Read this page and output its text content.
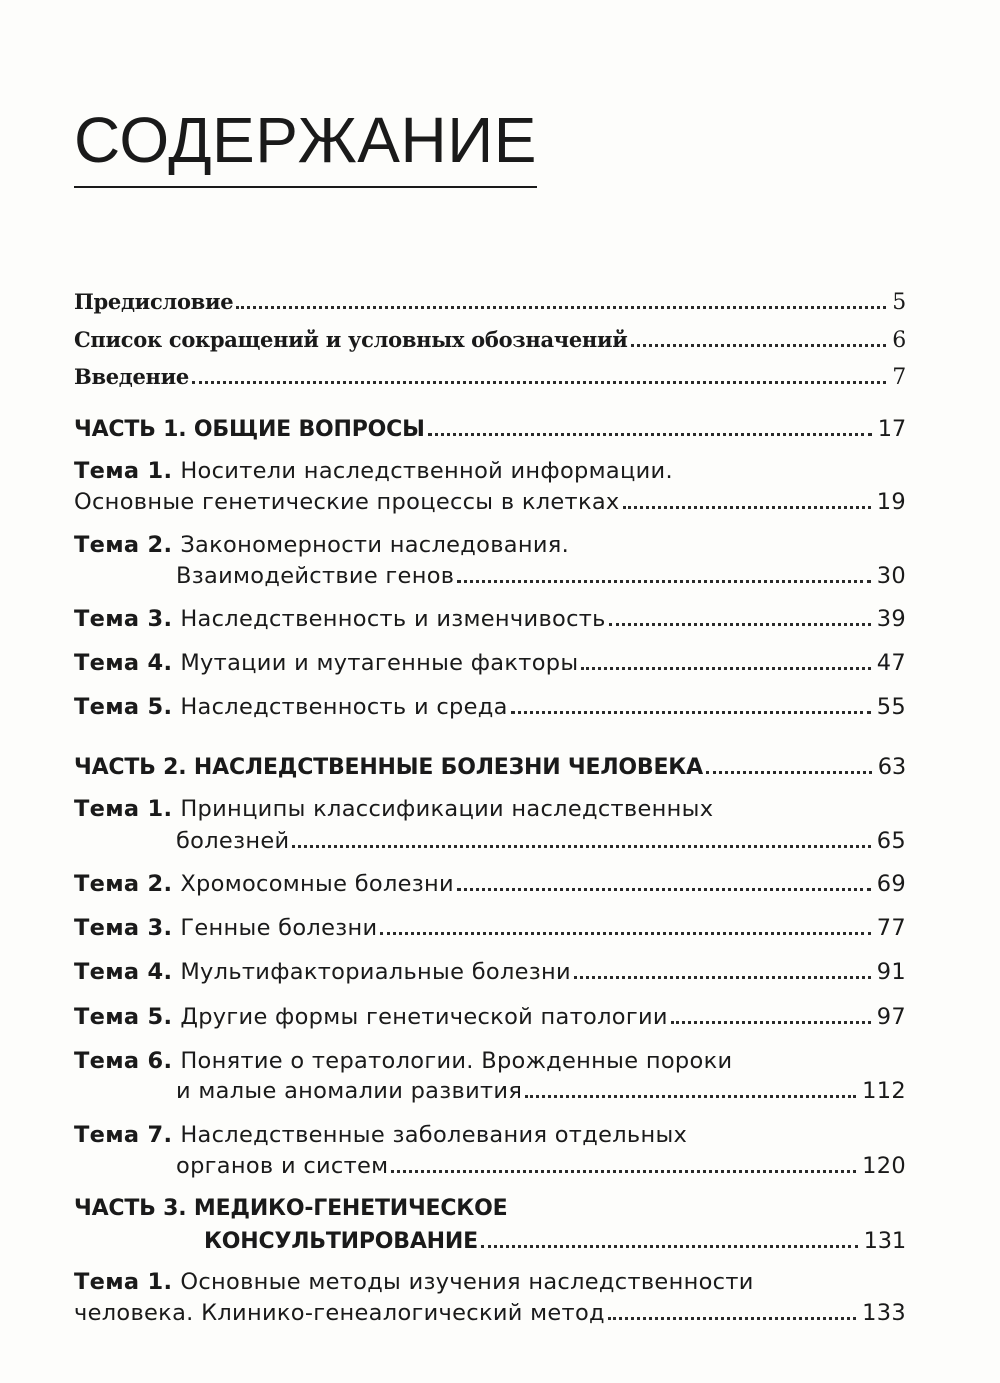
СОДЕРЖАНИЕ
Предисловие	5
Список сокращений и условных обозначений	6
Введение	7
ЧАСТЬ 1. ОБЩИЕ ВОПРОСЫ	17
Тема 1. Носители наследственной информации.
Основные генетические процессы в клетках	19
Тема 2. Закономерности наследования.
Взаимодействие генов	30
Тема 3. Наследственность и изменчивость	39
Тема 4. Мутации и мутагенные факторы	47
Тема 5. Наследственность и среда	55
ЧАСТЬ 2. НАСЛЕДСТВЕННЫЕ БОЛЕЗНИ ЧЕЛОВЕКА	63
Тема 1. Принципы классификации наследственных
болезней	65
Тема 2. Хромосомные болезни	69
Тема 3. Генные болезни	77
Тема 4. Мультифакториальные болезни	91
Тема 5. Другие формы генетической патологии	97
Тема 6. Понятие о тератологии. Врожденные пороки
и малые аномалии развития	112
Тема 7. Наследственные заболевания отдельных
органов и систем	120
ЧАСТЬ 3. МЕДИКО-ГЕНЕТИЧЕСКОЕ
КОНСУЛЬТИРОВАНИЕ	131
Тема 1. Основные методы изучения наследственности
человека. Клинико-генеалогический метод	133
